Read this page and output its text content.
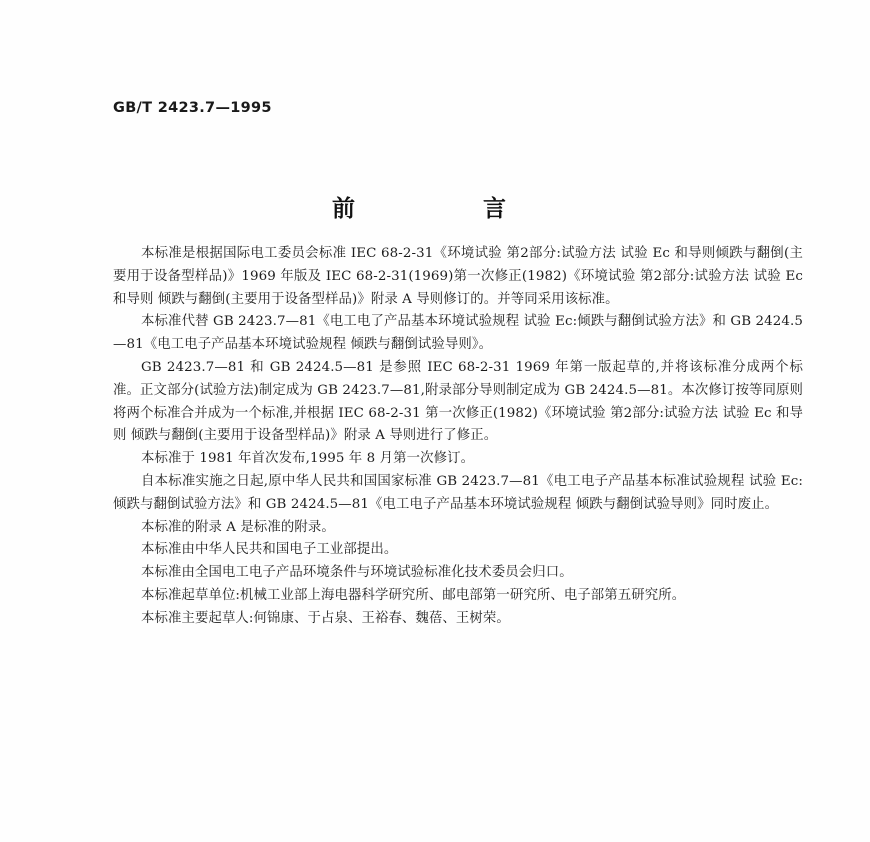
GB/T 2423.7—1995
前 言

本标准是根据国际电工委员会标准 IEC 68-2-31《环境试验 第2部分:试验方法 试验 Ec 和导则倾跌与翻倒(主要用于设备型样品)》1969 年版及 IEC 68-2-31(1969)第一次修正(1982)《环境试验 第2部分:试验方法 试验 Ec 和导则 倾跌与翻倒(主要用于设备型样品)》附录 A 导则修订的。并等同采用该标准。

本标准代替 GB 2423.7—81《电工电了产品基本环境试验规程 试验 Ec:倾跌与翻倒试验方法》和 GB 2424.5—81《电工电子产品基本环境试验规程 倾跌与翻倒试验导则》。

GB 2423.7—81 和 GB 2424.5—81 是参照 IEC 68-2-31 1969 年第一版起草的,并将该标准分成两个标准。正文部分(试验方法)制定成为 GB 2423.7—81,附录部分导则制定成为 GB 2424.5—81。本次修订按等同原则将两个标准合并成为一个标准,并根据 IEC 68-2-31 第一次修正(1982)《环境试验 第2部分:试验方法 试验 Ec 和导则 倾跌与翻倒(主要用于设备型样品)》附录 A 导则进行了修正。

本标准于 1981 年首次发布,1995 年 8 月第一次修订。

自本标准实施之日起,原中华人民共和国国家标准 GB 2423.7—81《电工电子产品基本标准试验规程 试验 Ec:倾跌与翻倒试验方法》和 GB 2424.5—81《电工电子产品基本环境试验规程 倾跌与翻倒试验导则》同时废止。

本标准的附录 A 是标准的附录。

本标准由中华人民共和国电子工业部提出。

本标准由全国电工电子产品环境条件与环境试验标准化技术委员会归口。

本标准起草单位:机械工业部上海电器科学研究所、邮电部第一研究所、电子部第五研究所。

本标准主要起草人:何锦康、于占泉、王裕春、魏蓓、王树荣。
